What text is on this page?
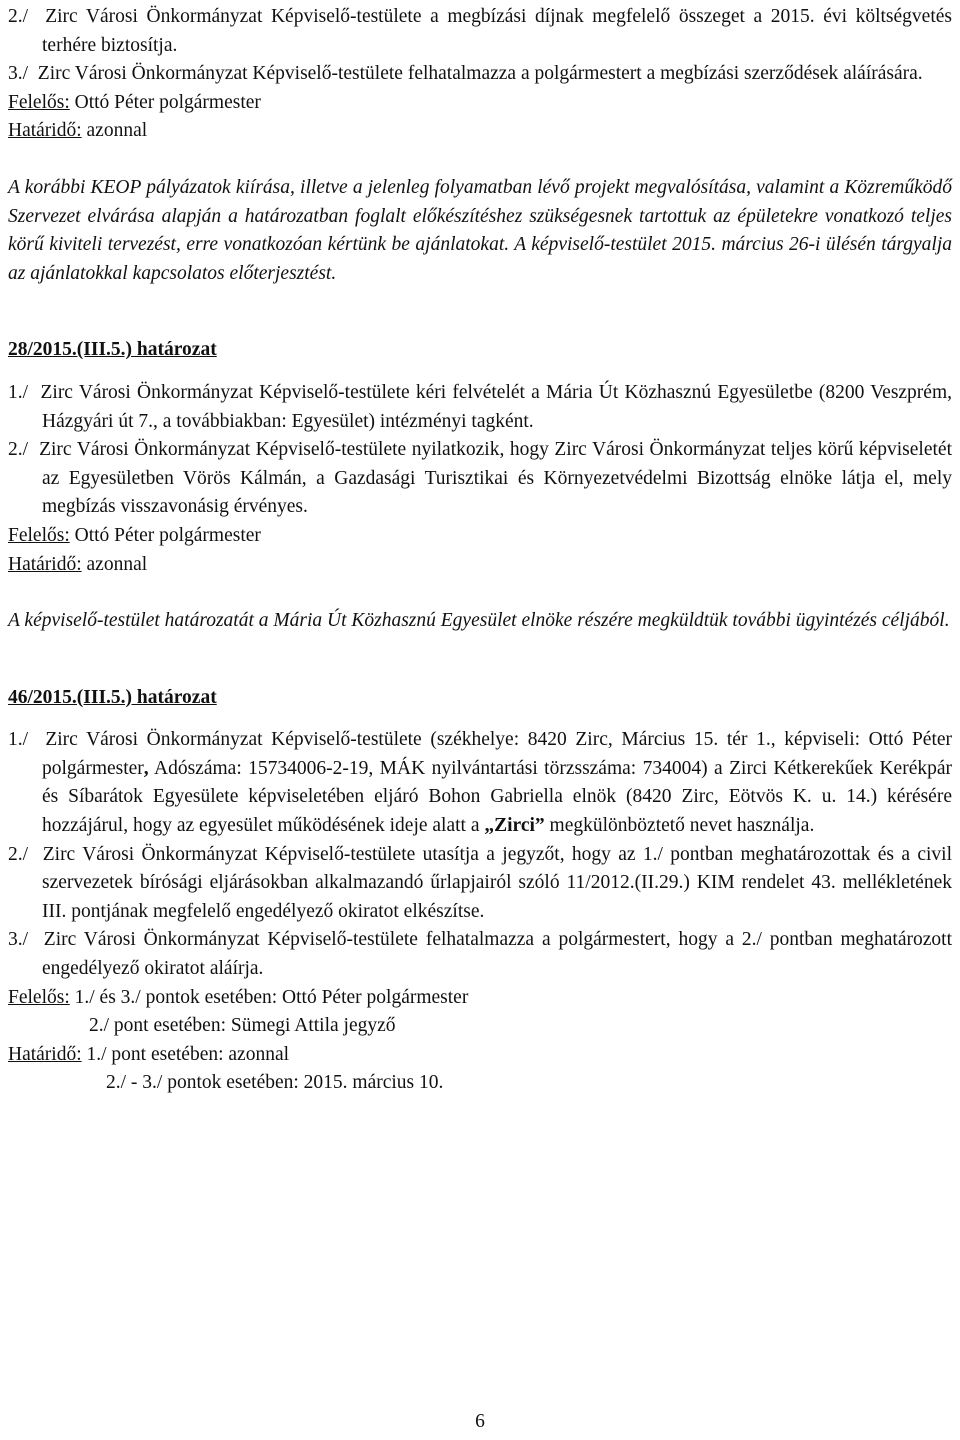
2./ Zirc Városi Önkormányzat Képviselő-testülete a megbízási díjnak megfelelő összeget a 2015. évi költségvetés terhére biztosítja.

3./ Zirc Városi Önkormányzat Képviselő-testülete felhatalmazza a polgármestert a megbízási szerződések aláírására.

Felelős: Ottó Péter polgármester

Határidő: azonnal

A korábbi KEOP pályázatok kiírása, illetve a jelenleg folyamatban lévő projekt megvalósítása, valamint a Közreműködő Szervezet elvárása alapján a határozatban foglalt előkészítéshez szükségesnek tartottuk az épületekre vonatkozó teljes körű kiviteli tervezést, erre vonatkozóan kértünk be ajánlatokat. A képviselő-testület 2015. március 26-i ülésén tárgyalja az ajánlatokkal kapcsolatos előterjesztést.

28/2015.(III.5.) határozat

1./ Zirc Városi Önkormányzat Képviselő-testülete kéri felvételét a Mária Út Közhasznú Egyesületbe (8200 Veszprém, Házgyári út 7., a továbbiakban: Egyesület) intézményi tagként.

2./ Zirc Városi Önkormányzat Képviselő-testülete nyilatkozik, hogy Zirc Városi Önkormányzat teljes körű képviseletét az Egyesületben Vörös Kálmán, a Gazdasági Turisztikai és Környezetvédelmi Bizottság elnöke látja el, mely megbízás visszavonásig érvényes.

Felelős: Ottó Péter polgármester

Határidő: azonnal

A képviselő-testület határozatát a Mária Út Közhasznú Egyesület elnöke részére megküldtük további ügyintézés céljából.

46/2015.(III.5.) határozat

1./ Zirc Városi Önkormányzat Képviselő-testülete (székhelye: 8420 Zirc, Március 15. tér 1., képviseli: Ottó Péter polgármester, Adószáma: 15734006-2-19, MÁK nyilvántartási törzsszáma: 734004) a Zirci Kétkerekűek Kerékpár és Síbarátok Egyesülete képviseletében eljáró Bohon Gabriella elnök (8420 Zirc, Eötvös K. u. 14.) kérésére hozzájárul, hogy az egyesület működésének ideje alatt a „Zirci” megkülönböztető nevet használja.

2./ Zirc Városi Önkormányzat Képviselő-testülete utasítja a jegyzőt, hogy az 1./ pontban meghatározottak és a civil szervezetek bírósági eljárásokban alkalmazandó űrlapjairól szóló 11/2012.(II.29.) KIM rendelet 43. mellékletének III. pontjának megfelelő engedélyező okiratot elkészítse.

3./ Zirc Városi Önkormányzat Képviselő-testülete felhatalmazza a polgármestert, hogy a 2./ pontban meghatározott engedélyező okiratot aláírja.

Felelős: 1./ és 3./ pontok esetében: Ottó Péter polgármester

2./ pont esetében: Sümegi Attila jegyző

Határidő: 1./ pont esetében: azonnal

2./ - 3./ pontok esetében: 2015. március 10.

6
